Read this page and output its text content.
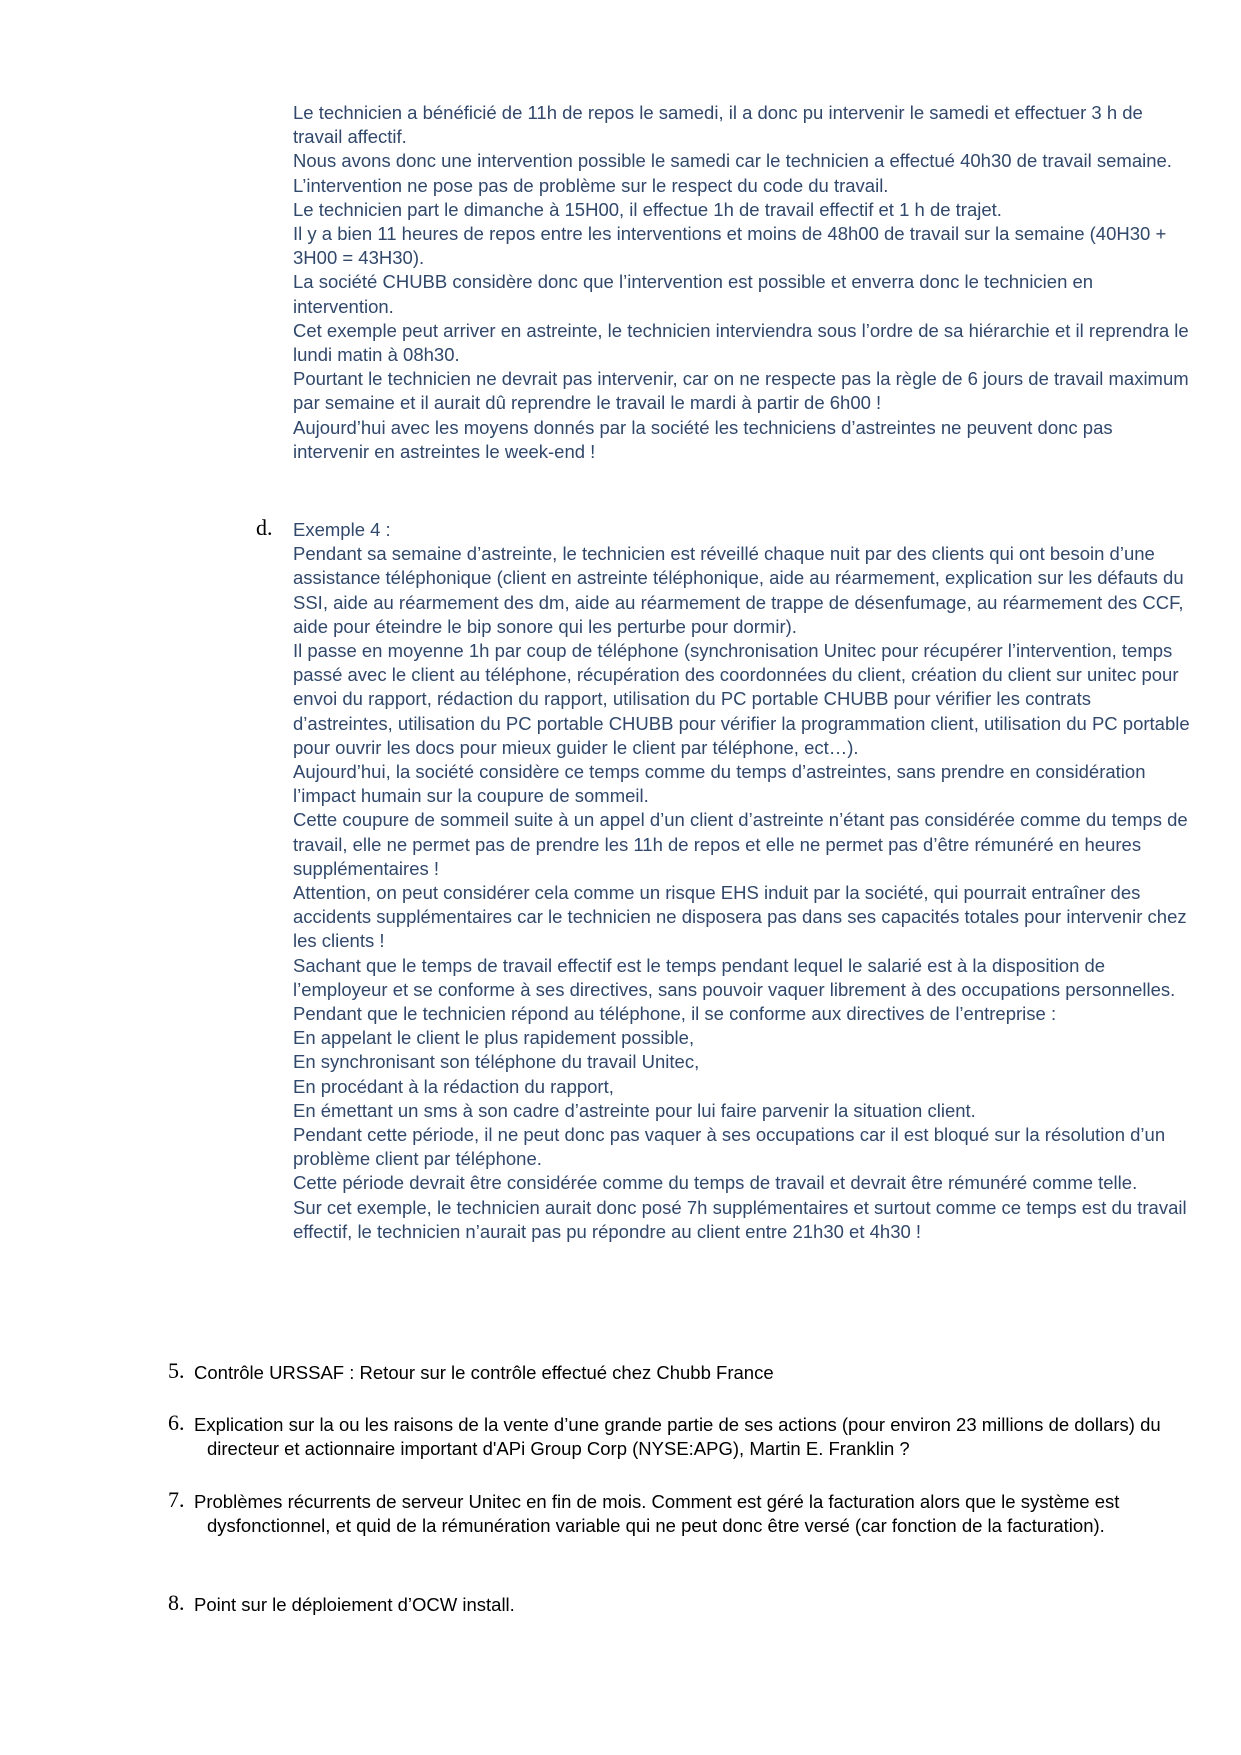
Le technicien a bénéficié de 11h de repos le samedi, il a donc pu intervenir le samedi et effectuer 3 h de travail affectif.

Nous avons donc une intervention possible le samedi car le technicien a effectué 40h30 de travail semaine.

L’intervention ne pose pas de problème sur le respect du code du travail.

Le technicien part le dimanche à 15H00, il effectue 1h de travail effectif et 1 h de trajet.

Il y a bien 11 heures de repos entre les interventions et moins de 48h00 de travail sur la semaine (40H30 + 3H00 = 43H30).

La société CHUBB considère donc que l’intervention est possible et enverra donc le technicien en intervention.

Cet exemple peut arriver en astreinte, le technicien interviendra sous l’ordre de sa hiérarchie et il reprendra le lundi matin à 08h30.

Pourtant le technicien ne devrait pas intervenir, car on ne respecte pas la règle de 6 jours de travail maximum par semaine et il aurait dû reprendre le travail le mardi à partir de 6h00 !

Aujourd’hui avec les moyens donnés par la société les techniciens d’astreintes ne peuvent donc pas intervenir en astreintes le week-end !

d. Exemple 4 :

Pendant sa semaine d’astreinte, le technicien est réveillé chaque nuit par des clients qui ont besoin d’une assistance téléphonique (client en astreinte téléphonique, aide au réarmement, explication sur les défauts du SSI, aide au réarmement des dm, aide au réarmement de trappe de désenfumage, au réarmement des CCF, aide pour éteindre le bip sonore qui les perturbe pour dormir).

Il passe en moyenne 1h par coup de téléphone (synchronisation Unitec pour récupérer l’intervention, temps passé avec le client au téléphone, récupération des coordonnées du client, création du client sur unitec pour envoi du rapport, rédaction du rapport, utilisation du PC portable CHUBB pour vérifier les contrats d’astreintes, utilisation du PC portable CHUBB pour vérifier la programmation client, utilisation du PC portable pour ouvrir les docs pour mieux guider le client par téléphone, ect…).

Aujourd’hui, la société considère ce temps comme du temps d’astreintes, sans prendre en considération l’impact humain sur la coupure de sommeil.

Cette coupure de sommeil suite à un appel d’un client d’astreinte n’étant pas considérée comme du temps de travail, elle ne permet pas de prendre les 11h de repos et elle ne permet pas d’être rémunéré en heures supplémentaires !

Attention, on peut considérer cela comme un risque EHS induit par la société, qui pourrait entraîner des accidents supplémentaires car le technicien ne disposera pas dans ses capacités totales pour intervenir chez les clients !

Sachant que le temps de travail effectif est le temps pendant lequel le salarié est à la disposition de l’employeur et se conforme à ses directives, sans pouvoir vaquer librement à des occupations personnelles.

Pendant que le technicien répond au téléphone, il se conforme aux directives de l’entreprise :

En appelant le client le plus rapidement possible,

En synchronisant son téléphone du travail Unitec,

En procédant à la rédaction du rapport,

En émettant un sms à son cadre d’astreinte pour lui faire parvenir la situation client.

Pendant cette période, il ne peut donc pas vaquer à ses occupations car il est bloqué sur la résolution d’un problème client par téléphone.

Cette période devrait être considérée comme du temps de travail et devrait être rémunéré comme telle.

Sur cet exemple, le technicien aurait donc posé 7h supplémentaires et surtout comme ce temps est du travail effectif, le technicien n’aurait pas pu répondre au client entre 21h30 et 4h30 !

5. Contrôle URSSAF : Retour sur le contrôle effectué chez Chubb France
6. Explication sur la ou les raisons de la vente d’une grande partie de ses actions (pour environ 23 millions de dollars) du directeur et actionnaire important d'APi Group Corp (NYSE:APG), Martin E. Franklin ?
7. Problèmes récurrents de serveur Unitec en fin de mois. Comment est géré la facturation alors que le système est dysfonctionnel, et quid de la rémunération variable qui ne peut donc être versé (car fonction de la facturation).
8. Point sur le déploiement d’OCW install.
